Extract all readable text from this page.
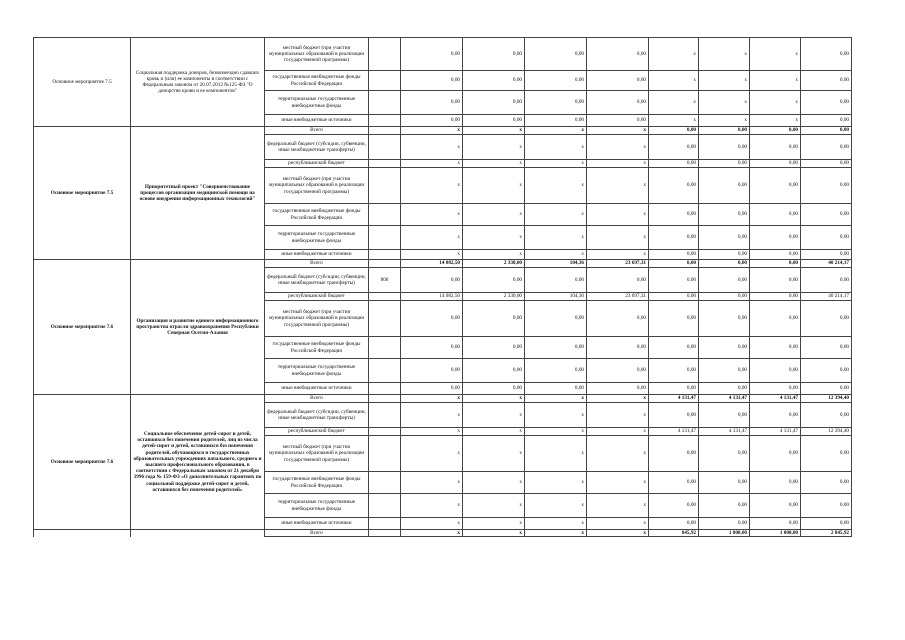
Основное мероприятие 7.5	Социальная поддержка доноров, безвозмездно сдавших кровь и (или) ее компоненты в соответствии с Федеральным законом от 20.07.2012 №125-ФЗ "О донорстве крови и ее компонентов"	местный бюджет (при участии муниципальных образований в реализации государственной программы)		0,00	0,00	0,00	0,00	х	х	х	0,00
		государственные внебюджетные фонды Российской Федерации		0,00	0,00	0,00	0,00	х	х	х	0,00
		территориальные государственные внебюджетные фонды		0,00	0,00	0,00	0,00	х	х	х	0,00
		иные внебюджетные источники		0,00	0,00	0,00	0,00	х	х	х	0,00
Основное мероприятие 7.5	Приоритетный проект "Совершенствование процессов организации медицинской помощи на основе внедрения информационных технологий"	Всего		х	х	х	х	0,00	0,00	0,00	0,00
		федеральный бюджет (субсидии, субвенции, иные межбюджетные трансферты)		х	х	х	х	0,00	0,00	0,00	0,00
		республиканский бюджет		х	х	х	х	0,00	0,00	0,00	0,00
		местный бюджет (при участии муниципальных образований в реализации государственной программы)		х	х	х	х	0,00	0,00	0,00	0,00
		государственные внебюджетные фонды Российской Федерации		х	х	х	х	0,00	0,00	0,00	0,00
		территориальные государственные внебюджетные фонды		х	х	х	х	0,00	0,00	0,00	0,00
		иные внебюджетные источники		х	х	х	х	0,00	0,00	0,00	0,00
Основное мероприятие 7.6	Организация и развитие единого информационного пространства отрасли здравоохранения Республики Северная Осетия-Алания	Всего		14 082,50	2 330,00	104,36	23 697,31	0,00	0,00	0,00	40 214,17
		федеральный бюджет (субсидии, субвенции, иные межбюджетные трансферты)	800	0,00	0,00	0,00	0,00	0,00	0,00	0,00	0,00
		республиканский бюджет		14 082,50	2 330,00	104,36	23 697,31	0,00	0,00	0,00	40 214,17
		местный бюджет (при участии муниципальных образований в реализации государственной программы)		0,00	0,00	0,00	0,00	0,00	0,00	0,00	0,00
		государственные внебюджетные фонды Российской Федерации		0,00	0,00	0,00	0,00	0,00	0,00	0,00	0,00
		территориальные государственные внебюджетные фонды		0,00	0,00	0,00	0,00	0,00	0,00	0,00	0,00
		иные внебюджетные источники		0,00	0,00	0,00	0,00	0,00	0,00	0,00	0,00
Основное мероприятие 7.6	Социальное обеспечение детей-сирот и детей, оставшихся без попечения родителей, лиц из числа детей-сирот и детей, оставшихся без попечения родителей, обучающихся в государственных образовательных учреждениях начального, среднего и высшего профессионального образования, в соответствии с Федеральным законом от 21 декабря 1996 года № 159-ФЗ «О дополнительных гарантиях по социальной поддержке детей-сирот и детей, оставшихся без попечения родителей»	Всего		х	х	х	х	4 131,47	4 131,47	4 131,47	12 394,40
		федеральный бюджет (субсидии, субвенции, иные межбюджетные трансферты)		х	х	х	х	0,00	0,00	0,00	0,00
		республиканский бюджет		х	х	х	х	4 131,47	4 131,47	4 131,47	12 394,40
		местный бюджет (при участии муниципальных образований в реализации государственной программы)		х	х	х	х	0,00	0,00	0,00	0,00
		государственные внебюджетные фонды Российской Федерации		х	х	х	х	0,00	0,00	0,00	0,00
		территориальные государственные внебюджетные фонды		х	х	х	х	0,00	0,00	0,00	0,00
		иные внебюджетные источники		х	х	х	х	0,00	0,00	0,00	0,00
		Всего		х	х	х	х	845,92	1 000,00	1 000,00	2 845,92
